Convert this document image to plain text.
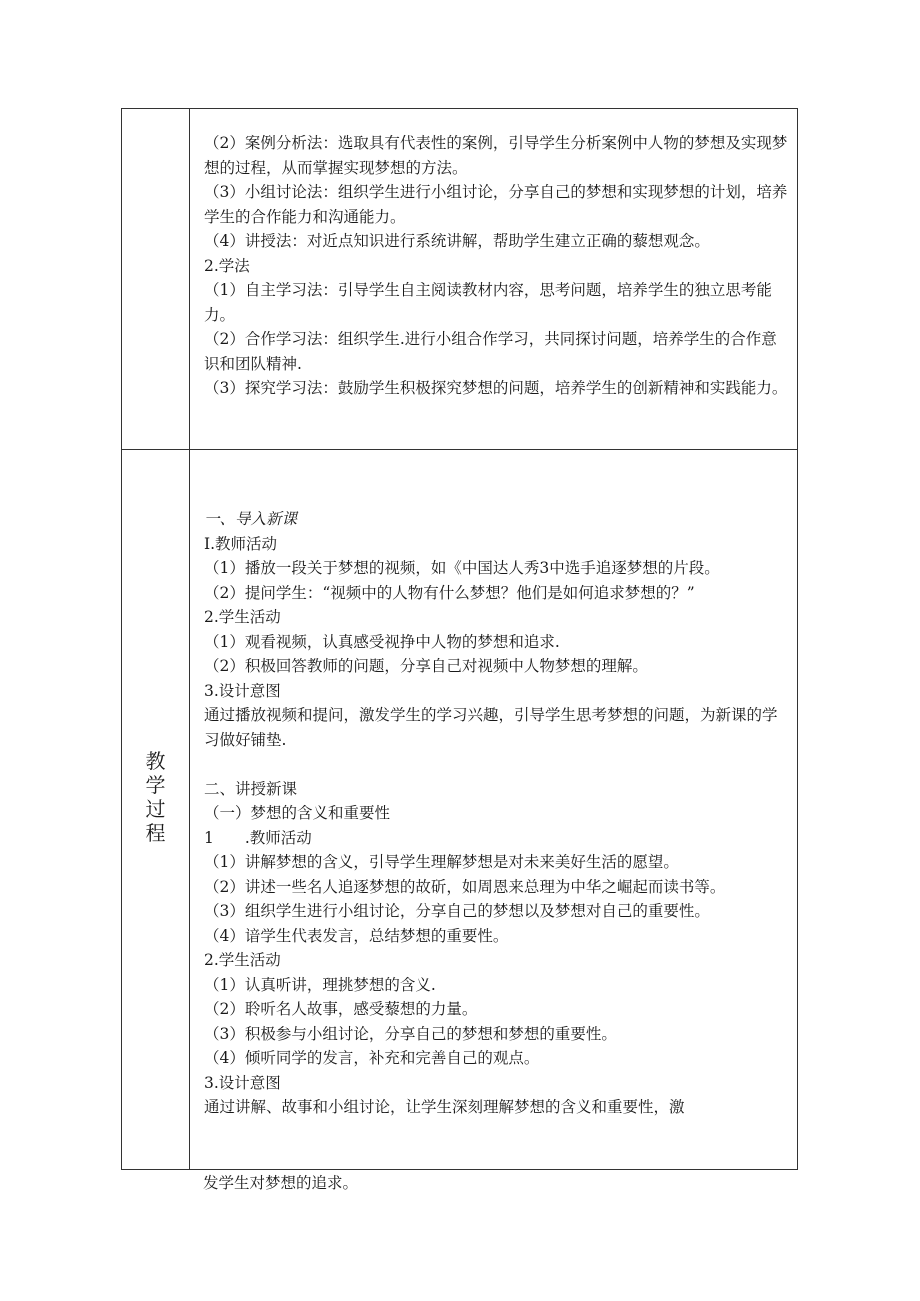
（2）案例分析法：选取具有代表性的案例，引导学生分析案例中人物的梦想及实现梦想的过程，从而掌握实现梦想的方法。

（3）小组讨论法：组织学生进行小组讨论，分享自己的梦想和实现梦想的计划，培养学生的合作能力和沟通能力。

（4）讲授法：对近点知识进行系统讲解，帮助学生建立正确的藜想观念。

2.学法

（1）自主学习法：引导学生自主阅读教材内容，思考问题，培养学生的独立思考能力。

（2）合作学习法：组织学生.进行小组合作学习，共同探讨问题，培养学生的合作意识和团队精神.

（3）探究学习法：鼓励学生积极探究梦想的问题，培养学生的创新精神和实践能力。

教
学
过
程

一、导入新课

I.教师活动

（1）播放一段关于梦想的视频，如《中国达人秀3中选手追逐梦想的片段。

（2）提问学生：“视频中的人物有什么梦想？他们是如何追求梦想的？”

2.学生活动

（1）观看视频，认真感受视挣中人物的梦想和追求.

（2）积极回答教师的问题，分享自己对视频中人物梦想的理解。

3.设计意图

通过播放视频和提问，激发学生的学习兴趣，引导学生思考梦想的问题，为新课的学习做好铺垫.

二、讲授新课

（一）梦想的含义和重要性

1　　.教师活动

（1）讲解梦想的含义，引导学生理解梦想是对未来美好生活的愿望。

（2）讲述一些名人追逐梦想的故斫，如周恩来总理为中华之崛起而读书等。

（3）组织学生进行小组讨论，分享自己的梦想以及梦想对自己的重要性。

（4）谙学生代表发言，总结梦想的重要性。

2.学生活动

（1）认真听讲，理挑梦想的含义.

（2）聆听名人故事，感受藜想的力量。

（3）积极参与小组讨论，分享自己的梦想和梦想的重要性。

（4）倾听同学的发言，补充和完善自己的观点。

3.设计意图

通过讲解、故事和小组讨论，让学生深刻理解梦想的含义和重要性，激

发学生对梦想的追求。
